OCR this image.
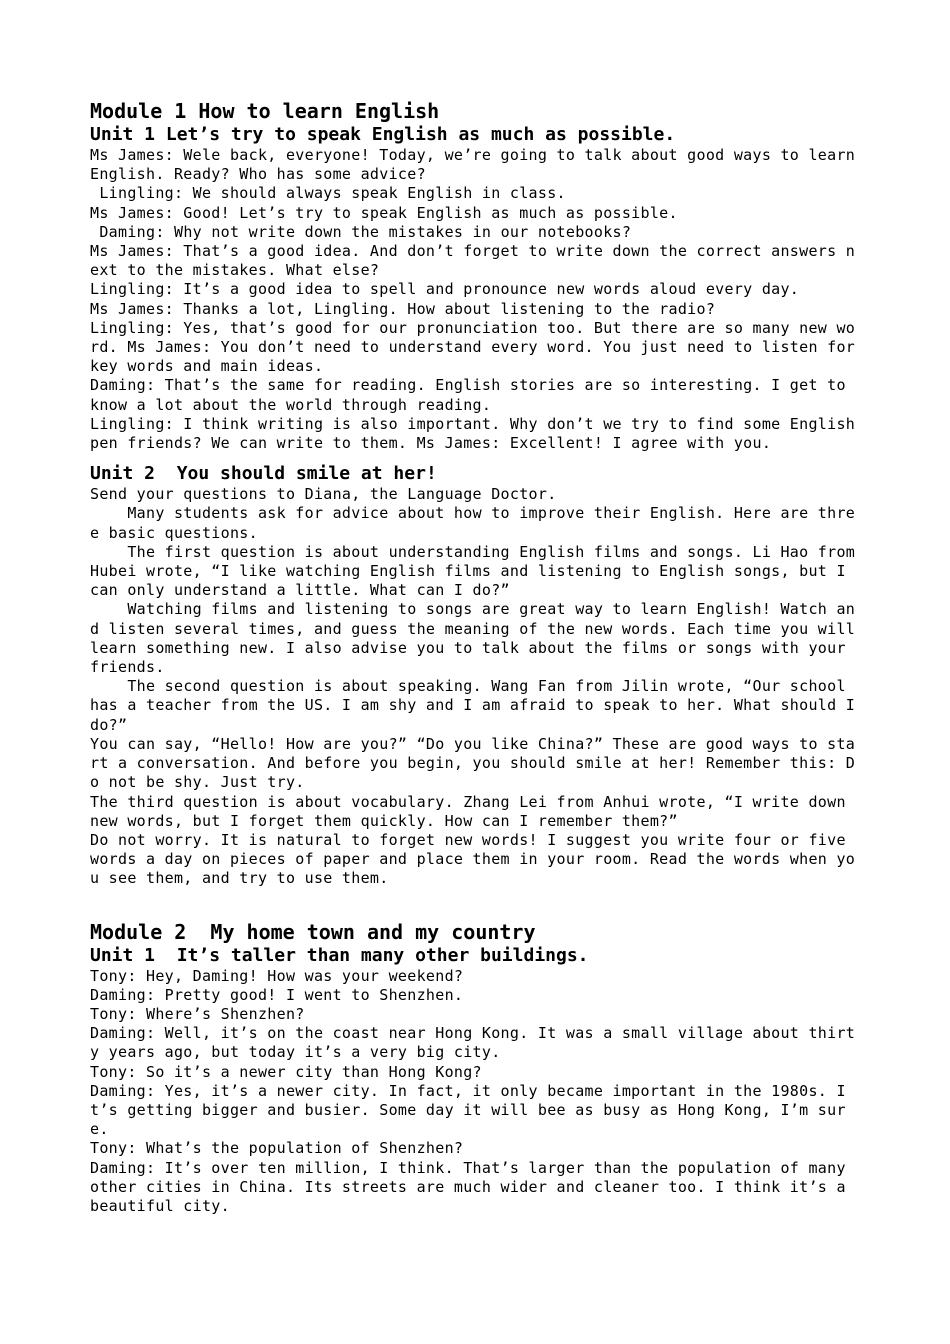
Module 1 How to learn English
Unit 1 Let’s try to speak English as much as possible.

Ms James: Wele back, everyone! Today, we’re going to talk about good ways to learn English. Ready? Who has some advice?

Lingling: We should always speak English in class.

Ms James: Good! Let’s try to speak English as much as possible.

Daming: Why not write down the mistakes in our notebooks?

Ms James: That’s a good idea. And don’t forget to write down the correct answers next to the mistakes. What else?

Lingling: It’s a good idea to spell and pronounce new words aloud every day.

Ms James: Thanks a lot, Lingling. How about listening to the radio?

Lingling: Yes, that’s good for our pronunciation too. But there are so many new word. Ms James: You don’t need to understand every word. You just need to listen for key words and main ideas.

Daming: That’s the same for reading. English stories are so interesting. I get to know a lot about the world through reading.

Lingling: I think writing is also important. Why don’t we try to find some English pen friends? We can write to them. Ms James: Excellent! I agree with you.

Unit 2  You should smile at her!

Send your questions to Diana, the Language Doctor.

Many students ask for advice about how to improve their English. Here are three basic questions.

The first question is about understanding English films and songs. Li Hao from Hubei wrote, “I like watching English films and listening to English songs, but I can only understand a little. What can I do?”

Watching films and listening to songs are great way to learn English! Watch and listen several times, and guess the meaning of the new words. Each time you will learn something new. I also advise you to talk about the films or songs with your friends.

The second question is about speaking. Wang Fan from Jilin wrote, “Our school has a teacher from the US. I am shy and I am afraid to speak to her. What should I do?”

You can say, “Hello! How are you?” “Do you like China?” These are good ways to start a conversation. And before you begin, you should smile at her! Remember this: Do not be shy. Just try.

The third question is about vocabulary. Zhang Lei from Anhui wrote, “I write down new words, but I forget them quickly. How can I remember them?”

Do not worry. It is natural to forget new words! I suggest you write four or five words a day on pieces of paper and place them in your room. Read the words when you see them, and try to use them.

Module 2  My home town and my country
Unit 1  It’s taller than many other buildings.

Tony: Hey, Daming! How was your weekend?

Daming: Pretty good! I went to Shenzhen.

Tony: Where’s Shenzhen?

Daming: Well, it’s on the coast near Hong Kong. It was a small village about thirty years ago, but today it’s a very big city.

Tony: So it’s a newer city than Hong Kong?

Daming: Yes, it’s a newer city. In fact, it only became important in the 1980s. It’s getting bigger and busier. Some day it will bee as busy as Hong Kong, I’m sure.

Tony: What’s the population of Shenzhen?

Daming: It’s over ten million, I think. That’s larger than the population of many other cities in China. Its streets are much wider and cleaner too. I think it’s a beautiful city.
